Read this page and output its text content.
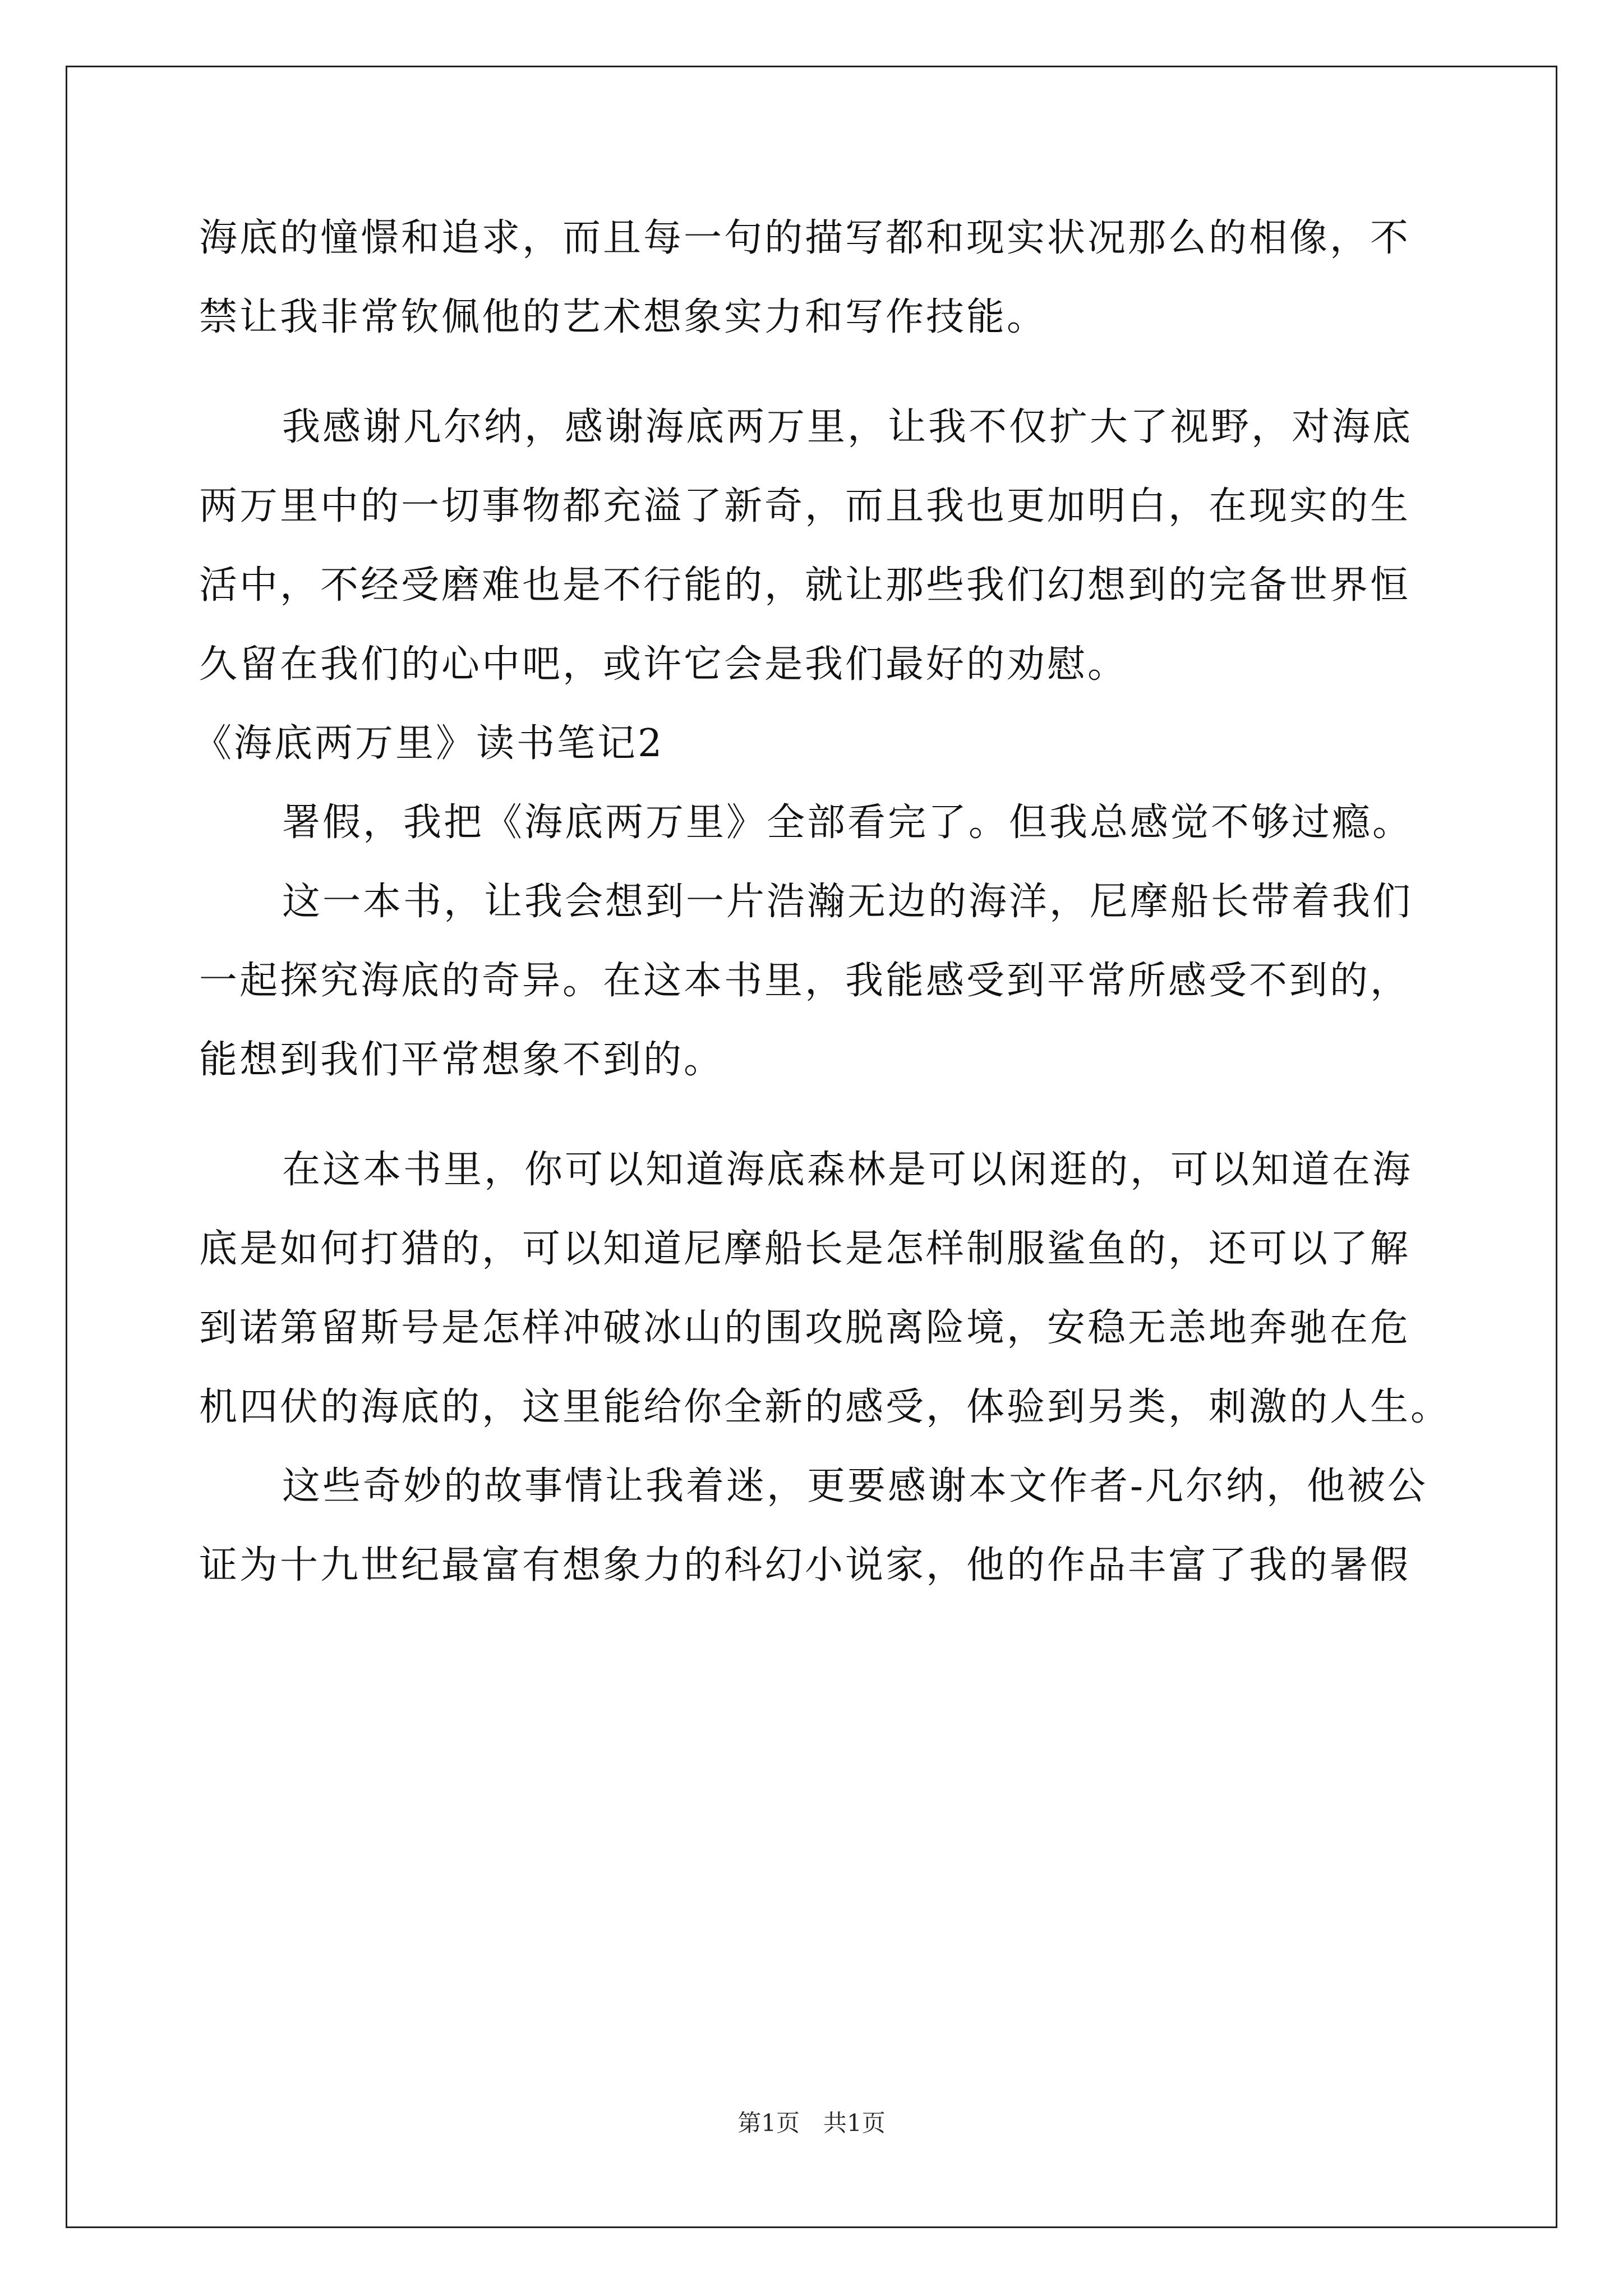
海底的憧憬和追求，而且每一句的描写都和现实状况那么的相像，不
禁让我非常钦佩他的艺术想象实力和写作技能。
我感谢凡尔纳，感谢海底两万里，让我不仅扩大了视野，对海底
两万里中的一切事物都充溢了新奇，而且我也更加明白，在现实的生
活中，不经受磨难也是不行能的，就让那些我们幻想到的完备世界恒
久留在我们的心中吧，或许它会是我们最好的劝慰。
《海底两万里》读书笔记2
署假，我把《海底两万里》全部看完了。但我总感觉不够过瘾。
这一本书，让我会想到一片浩瀚无边的海洋，尼摩船长带着我们
一起探究海底的奇异。在这本书里，我能感受到平常所感受不到的，
能想到我们平常想象不到的。
在这本书里，你可以知道海底森林是可以闲逛的，可以知道在海
底是如何打猎的，可以知道尼摩船长是怎样制服鲨鱼的，还可以了解
到诺第留斯号是怎样冲破冰山的围攻脱离险境，安稳无恙地奔驰在危
机四伏的海底的，这里能给你全新的感受，体验到另类，刺激的人生。
这些奇妙的故事情让我着迷，更要感谢本文作者-凡尔纳，他被公
证为十九世纪最富有想象力的科幻小说家，他的作品丰富了我的暑假
第1页　共1页
